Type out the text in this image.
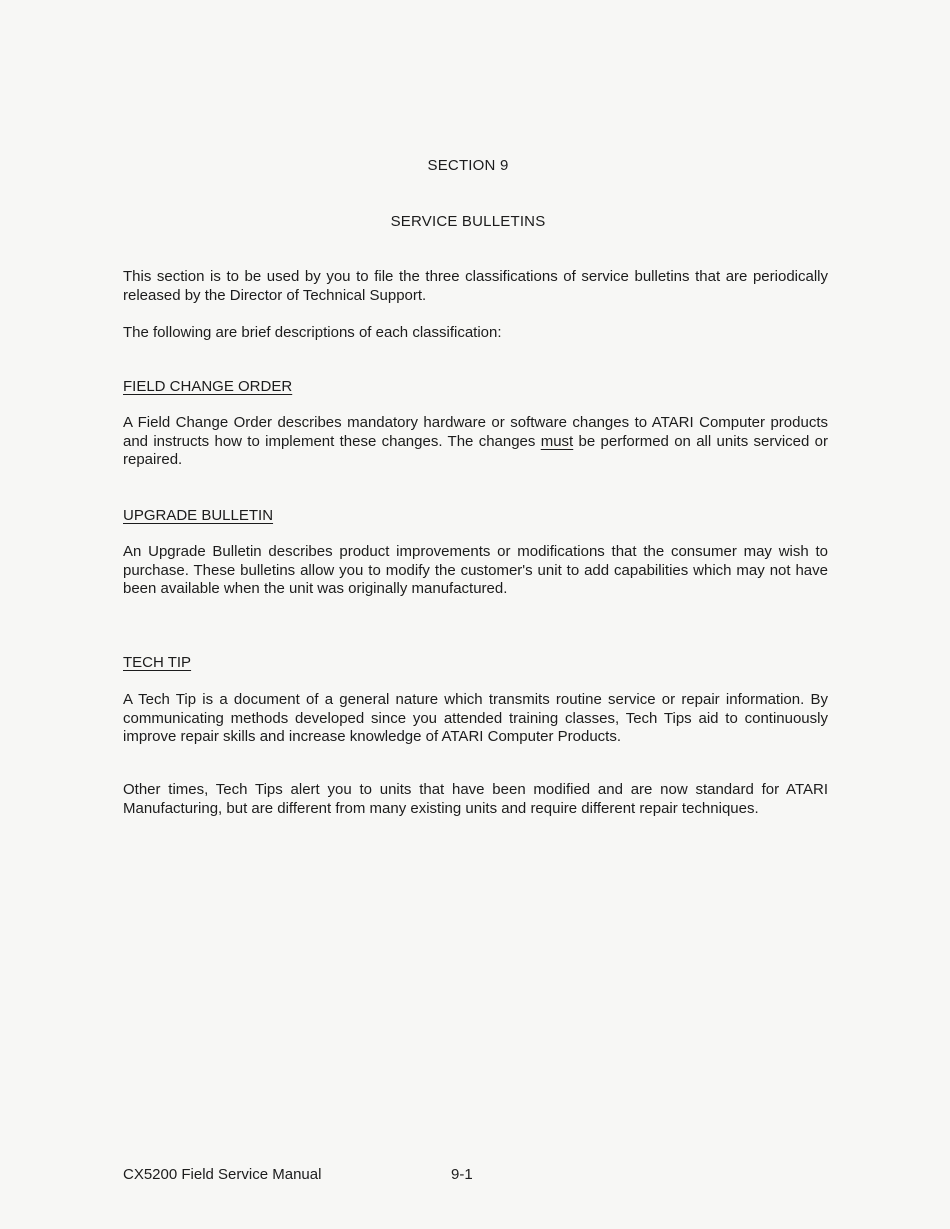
SECTION 9
SERVICE BULLETINS

This section is to be used by you to file the three classifications of service bulletins that are periodically released by the Director of Technical Support.

The following are brief descriptions of each classification:

FIELD CHANGE ORDER

A Field Change Order describes mandatory hardware or software changes to ATARI Computer products and instructs how to implement these changes. The changes must be performed on all units serviced or repaired.

UPGRADE BULLETIN

An Upgrade Bulletin describes product improvements or modifications that the consumer may wish to purchase. These bulletins allow you to modify the customer's unit to add capabilities which may not have been available when the unit was originally manufactured.

TECH TIP

A Tech Tip is a document of a general nature which transmits routine service or repair information. By communicating methods developed since you attended training classes, Tech Tips aid to continuously improve repair skills and increase knowledge of ATARI Computer Products.

Other times, Tech Tips alert you to units that have been modified and are now standard for ATARI Manufacturing, but are different from many existing units and require different repair techniques.

CX5200 Field Service Manual	9-1
